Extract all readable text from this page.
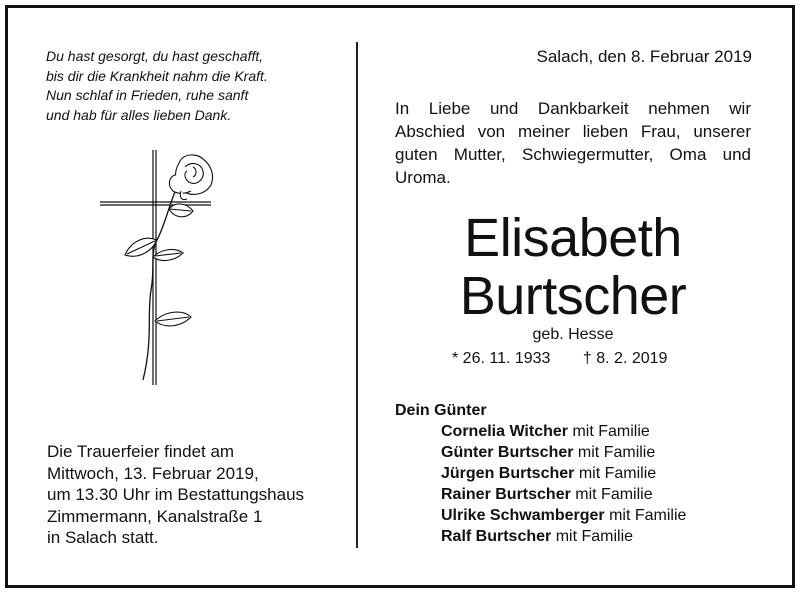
Du hast gesorgt, du hast geschafft,
bis dir die Krankheit nahm die Kraft.
Nun schlaf in Frieden, ruhe sanft
und hab für alles lieben Dank.
Die Trauerfeier findet am
Mittwoch, 13. Februar 2019,
um 13.30 Uhr im Bestattungshaus
Zimmermann, Kanalstraße 1
in Salach statt.
Salach, den 8. Februar 2019
In Liebe und Dankbarkeit nehmen wir
Abschied von meiner lieben Frau, unserer
guten Mutter, Schwiegermutter, Oma und
Uroma.
Elisabeth
Burtscher
geb. Hesse
* 26. 11. 1933 † 8. 2. 2019
Dein Günter
Cornelia Witcher mit Familie
Günter Burtscher mit Familie
Jürgen Burtscher mit Familie
Rainer Burtscher mit Familie
Ulrike Schwamberger mit Familie
Ralf Burtscher mit Familie
